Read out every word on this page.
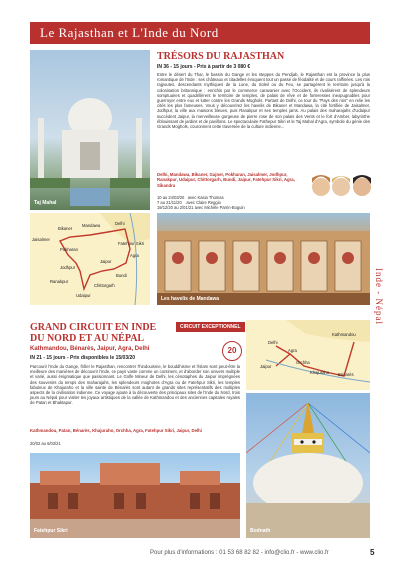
Le Rajasthan et L'Inde du Nord
Taj Mahal
TRÉSORS DU RAJASTHAN
IN 36 - 15 jours - Prix à partir de 3 080 €
Entre le désert du Thar, le bassin du Gange et les steppes du Pendjab, le Rajasthan est la province la plus romantique de l'Inde : ses châteaux et citadelles évoquent tout un passé de féodalité et de cours raffinées. Les rois rajpoutes, descendants mythiques de la Lune, du Soleil ou du Feu, se partagèrent le territoire jusqu'à la colonisation britannique : enrichis par le commerce caravanier avec l'Occident, ils rivalisèrent de splendeurs somptuaires et quadrillèrent le territoire de temples, de palais de rêve et de forteresses inexpugnables pour guerroyer entre eux et lutter contre les Grands Moghols. Partant de Delhi, ce tour du "Pays des rois" en relie les cités les plus fameuses. Vous y découvrirez les havelis de Bikaner et Mandawa, la cité fortifiée de Jaisalmer, Jodhpur, la ville aux maisons bleues, puis Ranakpur et ses temples jaïns. Au palais des maharajahs d'Udaipur succèdent Jaipur, la merveilleuse gorgeuse de pierre rose de son palais des Vents et le fort d'Amber, labyrinthe éblouissant de jardins et de pavillons. Le spectaculaire Fathepur Sikri et le Taj Mahal d'Agra, symbole du génie des Grands Moghols, couronnent cette traversée de la culture indienne...
Delhi, Mandawa, Bikaner, Gajner, Pokharan, Jaisalmer, Jodhpur, Ranakpur, Udaipur, Chittorgarh, Bundi, Jaipur, Fatehpur Sikri, Agra, Sikandra
10 au 24/03/20 avec Kasia Thomas
7 au 21/11/20 avec Claire Reggio
19/12/20 au 2/01/21 avec Michèle Parrin-Boguin
Bikaner
Mandawa	Delhi
Jaisalmer
Pokharan
Fatehpur Sikri
Agra
Jaipur
Jodhpur
Bundi
Ranakpur
Chittorgarh
Udaipur
Les havelis de Mandawa	Inde - Népal
GRAND CIRCUIT EN INDE DU NORD ET AU NÉPAL
CIRCUIT EXCEPTIONNEL
20
Kathmandou, Bénarès, Jaipur, Agra, Delhi
IN 21 - 15 jours - Prix disponibles le 15/03/20
Parcourir l'Inde du Gange, frôler le Rajasthan, rencontrer l'hindouisme, le bouddhisme et l'islam sont peut-être la meilleure des manières de découvrir l'Inde, ce pays vaste comme un continent, et d'aborder son univers multiple et varié, aussi énigmatique que passionnant. Le Golfe Mineur de Delhi, les cénotaphes du Jaipur imprégnées des souvenirs du temps des maharajahs, les splendeurs moghoIes d'Agra ou de Fatehpur Sikri, les temples fabuleux de Khajuraho et la ville sainte de Bénarès sont autant de grands sites représentatifs des multiples aspects de la civilisation indienne. Ce voyage ajoute à la découverte des principaux sites de l'Inde du Nord, trois jours au Népal pour visiter les joyaux artistiques de la vallée de Kathmandou et des anciennes capitales royales de Patan et Bhaktapur.
Kathmandou, Patan, Bénarès, Khajuraho, Orchha, Agra, Fatehpur Sikri, Jaipur, Delhi
20/02 au 6/03/21
Kathmandou
Delhi
Agra
Jaipur
Orchha
Khajuraho Bénarès
Bodnath
Fatehpur Sikri
Pour plus d'informations : 01 53 68 82 82 - info@clio.fr - www.clio.fr	5
